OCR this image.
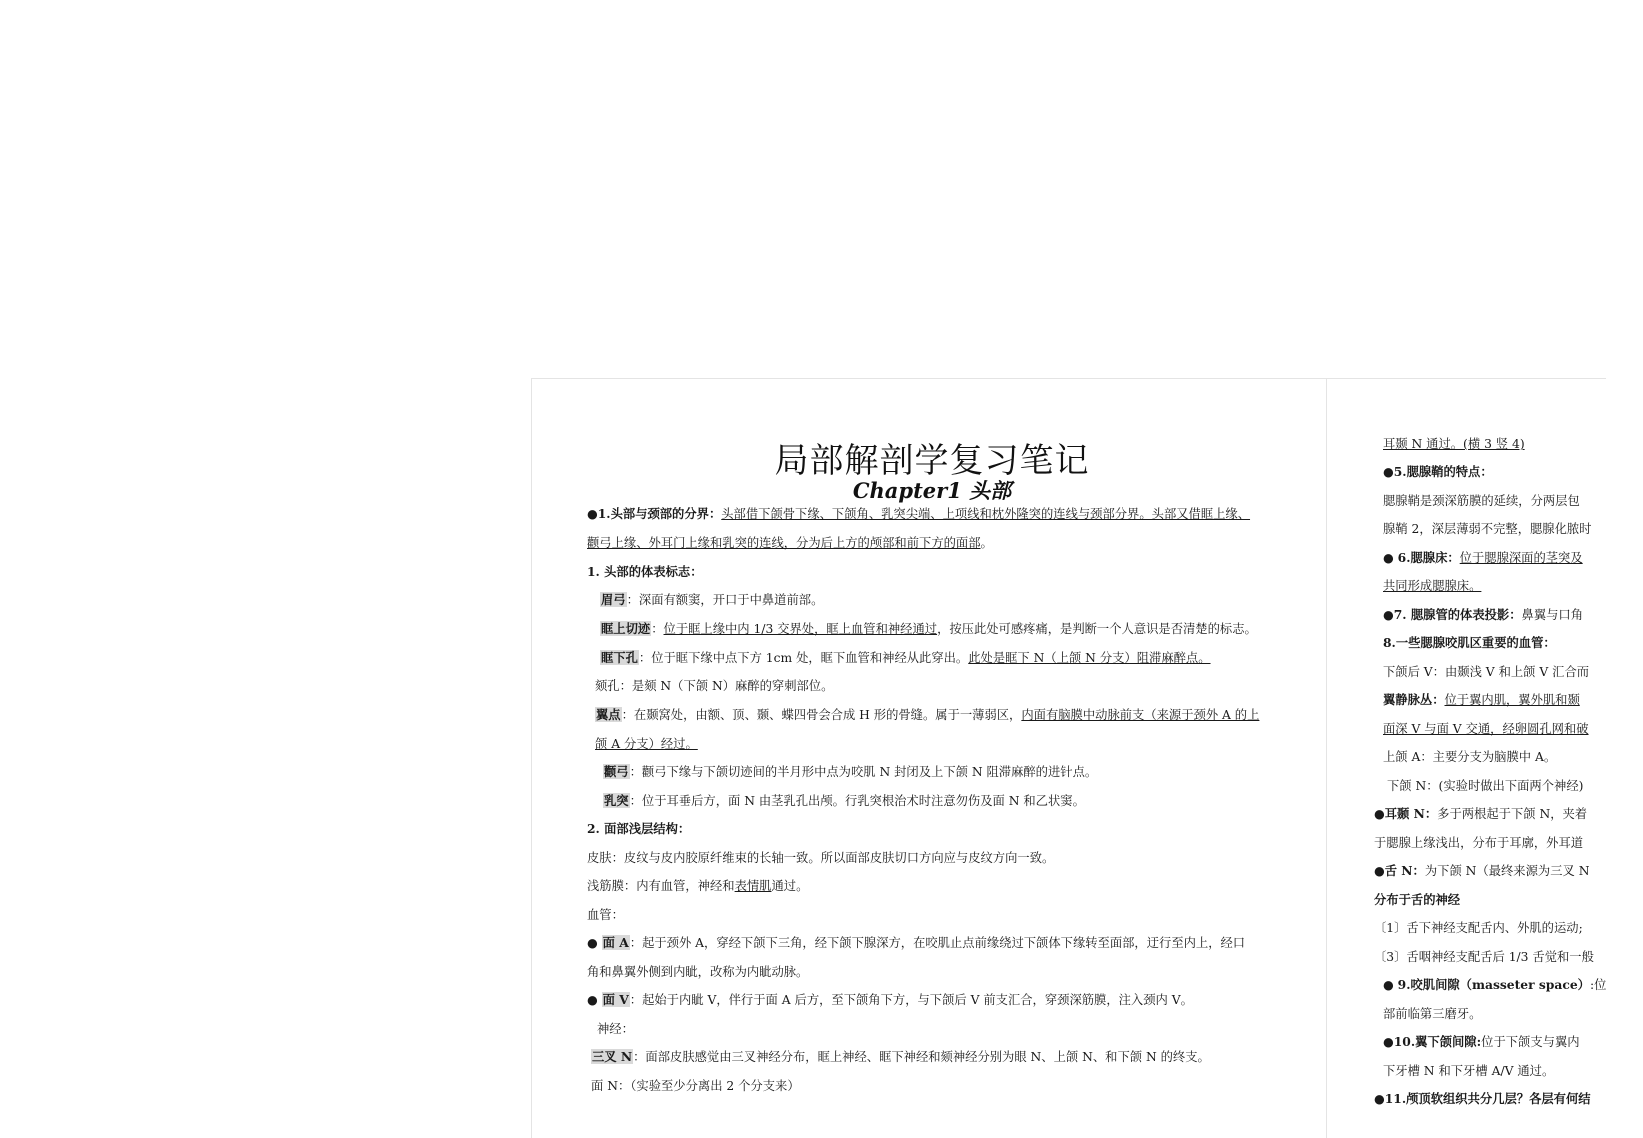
局部解剖学复习笔记
Chapter1 头部
●1.头部与颈部的分界：头部借下颌骨下缘、下颌角、乳突尖端、上项线和枕外隆突的连线与颈部分界。头部又借眶上缘、
颧弓上缘、外耳门上缘和乳突的连线，分为后上方的颅部和前下方的面部。
1. 头部的体表标志：
眉弓：深面有额窦，开口于中鼻道前部。
眶上切迹：位于眶上缘中内 1/3 交界处，眶上血管和神经通过，按压此处可感疼痛，是判断一个人意识是否清楚的标志。
眶下孔：位于眶下缘中点下方 1cm 处，眶下血管和神经从此穿出。此处是眶下 N（上颌 N 分支）阻滞麻醉点。
颏孔：是颏 N（下颌 N）麻醉的穿刺部位。
翼点：在颞窝处，由额、顶、颞、蝶四骨会合成 H 形的骨缝。属于一薄弱区，内面有脑膜中动脉前支（来源于颈外 A 的上
颌 A 分支）经过。
颧弓：颧弓下缘与下颌切迹间的半月形中点为咬肌 N 封闭及上下颌 N 阻滞麻醉的进针点。
乳突：位于耳垂后方，面 N 由茎乳孔出颅。行乳突根治术时注意勿伤及面 N 和乙状窦。
2. 面部浅层结构：
皮肤：皮纹与皮内胶原纤维束的长轴一致。所以面部皮肤切口方向应与皮纹方向一致。
浅筋膜：内有血管，神经和表情肌通过。
血管：
● 面 A：起于颈外 A，穿经下颌下三角，经下颌下腺深方，在咬肌止点前缘绕过下颌体下缘转至面部，迂行至内上，经口
角和鼻翼外侧到内眦，改称为内眦动脉。
● 面 V：起始于内眦 V，伴行于面 A 后方，至下颌角下方，与下颌后 V 前支汇合，穿颈深筋膜，注入颈内 V。
神经：
三叉 N：面部皮肤感觉由三叉神经分布，眶上神经、眶下神经和颏神经分别为眼 N、上颌 N、和下颌 N 的终支。
面 N：（实验至少分离出 2 个分支来）
耳颞 N 通过。(横 3 竖 4)
●5.腮腺鞘的特点：
腮腺鞘是颈深筋膜的延续，分两层包
腺鞘 2，深层薄弱不完整，腮腺化脓时
● 6.腮腺床：位于腮腺深面的茎突及
共同形成腮腺床。
●7. 腮腺管的体表投影：鼻翼与口角
8.一些腮腺咬肌区重要的血管：
下颌后 V：由颞浅 V 和上颌 V 汇合而
翼静脉丛：位于翼内肌，翼外肌和颞
面深 V 与面 V 交通，经卵圆孔网和破
上颌 A：主要分支为脑膜中 A。
下颌 N：(实验时做出下面两个神经)
●耳颞 N：多于两根起于下颌 N，夹着
于腮腺上缘浅出，分布于耳廓，外耳道
●舌 N：为下颌 N（最终来源为三叉 N
分布于舌的神经
〔1〕舌下神经支配舌内、外肌的运动;
〔3〕舌咽神经支配舌后 1/3 舌觉和一般
● 9.咬肌间隙（masseter space）:位
部前临第三磨牙。
●10.翼下颌间隙:位于下颌支与翼内
下牙槽 N 和下牙槽 A/V 通过。
●11.颅顶软组织共分几层？各层有何结
